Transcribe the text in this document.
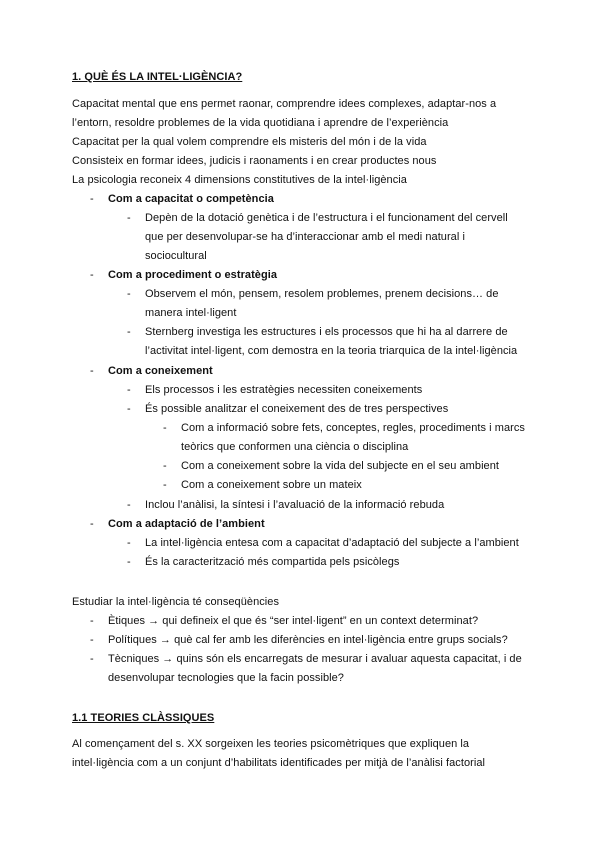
1. QUÈ ÉS LA INTEL·LIGÈNCIA?
Capacitat mental que ens permet raonar, comprendre idees complexes, adaptar-nos a
l’entorn, resoldre problemes de la vida quotidiana i aprendre de l’experiència
Capacitat per la qual volem comprendre els misteris del món i de la vida
Consisteix en formar idees, judicis i raonaments i en crear productes nous
La psicologia reconeix 4 dimensions constitutives de la intel·ligència
- Com a capacitat o competència
- Depèn de la dotació genètica i de l’estructura i el funcionament del cervell
que per desenvolupar-se ha d’interaccionar amb el medi natural i
sociocultural
- Com a procediment o estratègia
- Observem el món, pensem, resolem problemes, prenem decisions… de
manera intel·ligent
- Sternberg investiga les estructures i els processos que hi ha al darrere de
l’activitat intel·ligent, com demostra en la teoria triarquica de la intel·ligència
- Com a coneixement
- Els processos i les estratègies necessiten coneixements
- És possible analitzar el coneixement des de tres perspectives
- Com a informació sobre fets, conceptes, regles, procediments i marcs
teòrics que conformen una ciència o disciplina
- Com a coneixement sobre la vida del subjecte en el seu ambient
- Com a coneixement sobre un mateix
- Inclou l’anàlisi, la síntesi i l’avaluació de la informació rebuda
- Com a adaptació de l’ambient
- La intel·ligència entesa com a capacitat d’adaptació del subjecte a l’ambient
- És la caracterització més compartida pels psicòlegs
Estudiar la intel·ligència té conseqüències
- Ètiques → qui defineix el que és “ser intel·ligent” en un context determinat?
- Polítiques → què cal fer amb les diferències en intel·ligència entre grups socials?
- Tècniques → quins són els encarregats de mesurar i avaluar aquesta capacitat, i de
desenvolupar tecnologies que la facin possible?
1.1 TEORIES CLÀSSIQUES
Al començament del s. XX sorgeixen les teories psicomètriques que expliquen la
intel·ligència com a un conjunt d’habilitats identificades per mitjà de l’anàlisi factorial
